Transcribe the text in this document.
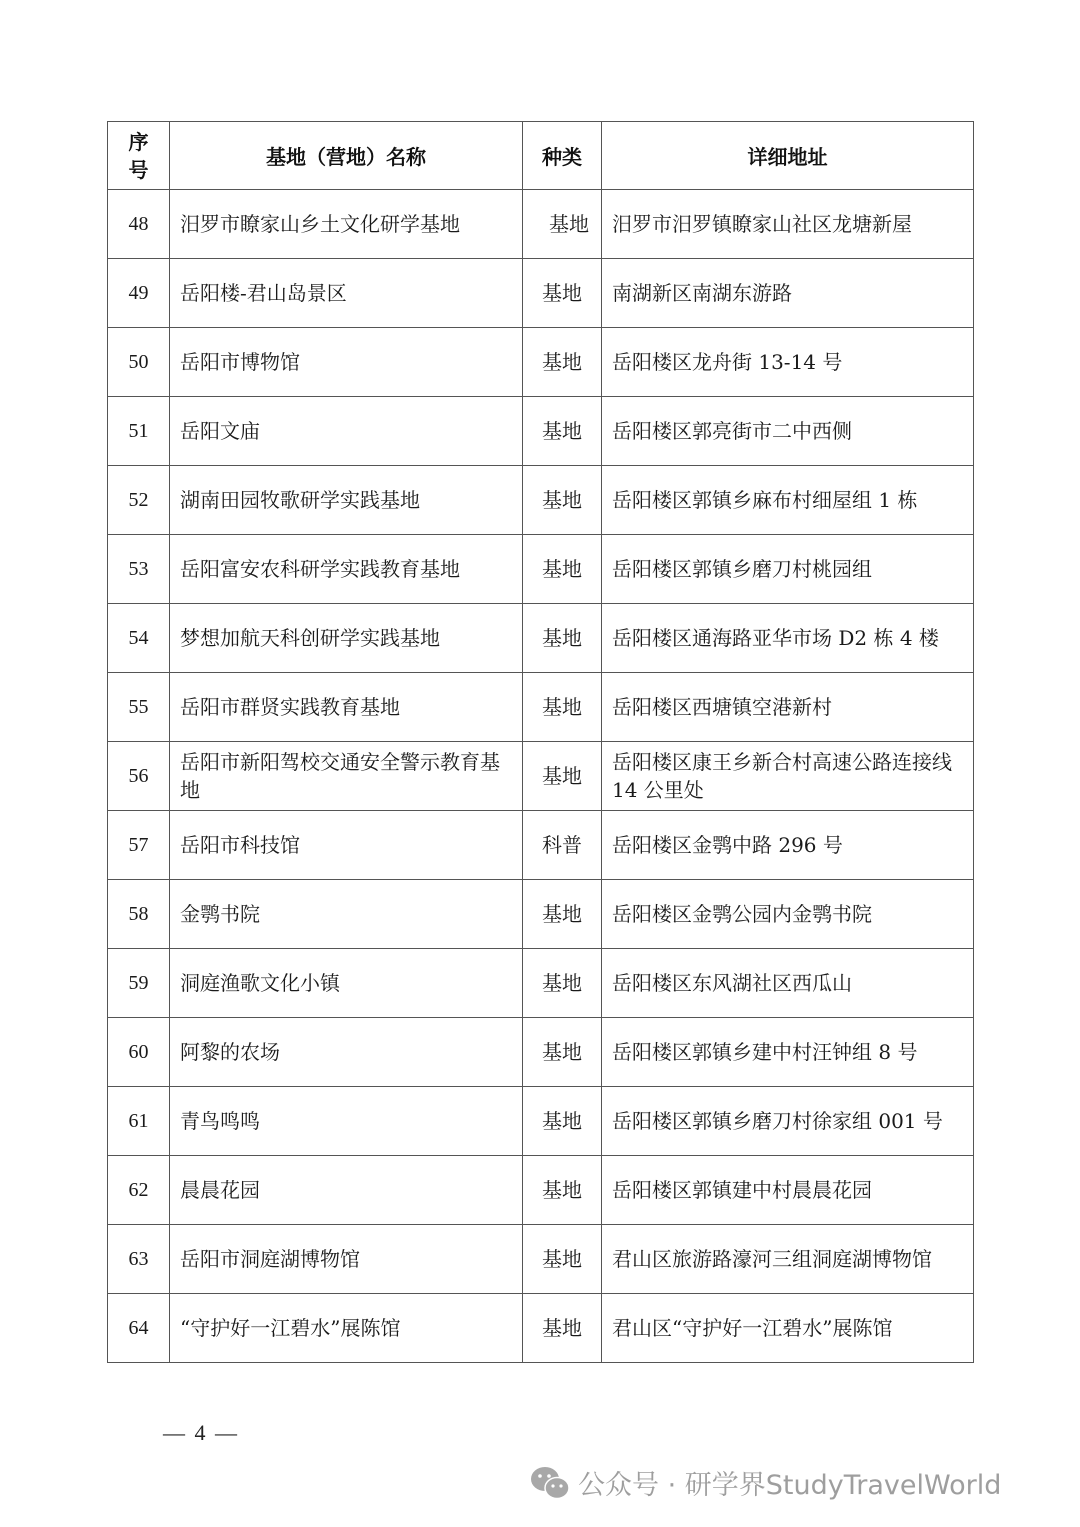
序
号	基地（营地）名称	种类	详细地址
48	汨罗市瞭家山乡土文化研学基地	基地	汨罗市汨罗镇瞭家山社区龙塘新屋
49	岳阳楼-君山岛景区	基地	南湖新区南湖东游路
50	岳阳市博物馆	基地	岳阳楼区龙舟街 13-14 号
51	岳阳文庙	基地	岳阳楼区郭亮街市二中西侧
52	湖南田园牧歌研学实践基地	基地	岳阳楼区郭镇乡麻布村细屋组 1 栋
53	岳阳富安农科研学实践教育基地	基地	岳阳楼区郭镇乡磨刀村桃园组
54	梦想加航天科创研学实践基地	基地	岳阳楼区通海路亚华市场 D2 栋 4 楼
55	岳阳市群贤实践教育基地	基地	岳阳楼区西塘镇空港新村
56	岳阳市新阳驾校交通安全警示教育基地	基地	岳阳楼区康王乡新合村高速公路连接线 14 公里处
57	岳阳市科技馆	科普	岳阳楼区金鹗中路 296 号
58	金鹗书院	基地	岳阳楼区金鹗公园内金鹗书院
59	洞庭渔歌文化小镇	基地	岳阳楼区东风湖社区西瓜山
60	阿黎的农场	基地	岳阳楼区郭镇乡建中村汪钟组 8 号
61	青鸟鸣鸣	基地	岳阳楼区郭镇乡磨刀村徐家组 001 号
62	晨晨花园	基地	岳阳楼区郭镇建中村晨晨花园
63	岳阳市洞庭湖博物馆	基地	君山区旅游路濠河三组洞庭湖博物馆
64	“守护好一江碧水”展陈馆	基地	君山区“守护好一江碧水”展陈馆
— 4 —
公众号 · 研学界StudyTravelWorld
